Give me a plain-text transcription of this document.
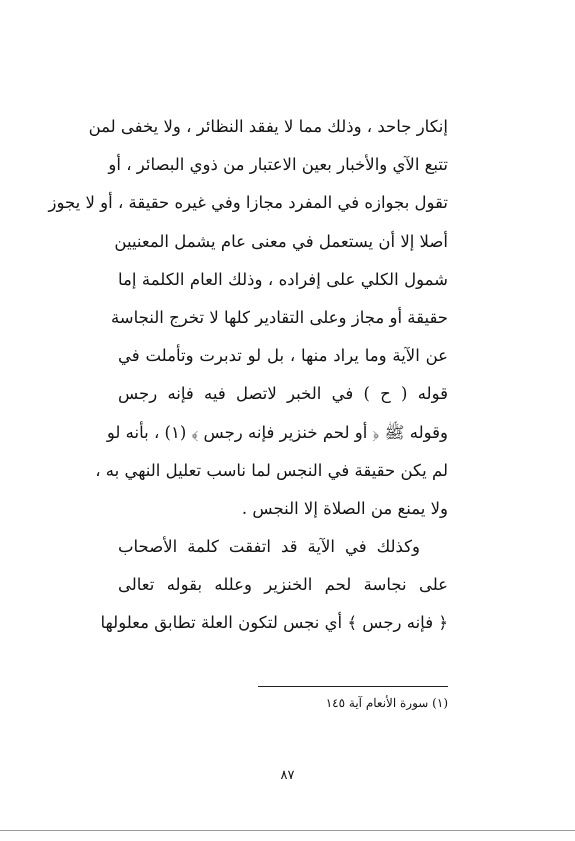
إنكار جاحد ، وذلك مما لا يفقد النظائر ، ولا يخفى لمن
تتبع الآي والأخبار بعين الاعتبار من ذوي البصائر ، أو
تقول بجوازه في المفرد مجازا وفي غيره حقيقة ، أو لا يجوز
أصلا إلا أن يستعمل في معنى عام يشمل المعنيين
شمول الكلي على إفراده ، وذلك العام الكلمة إما
حقيقة أو مجاز وعلى التقادير كلها لا تخرج النجاسة
عن الآية وما يراد منها ، بل لو تدبرت وتأملت في
قوله ( ح ) في الخبر لاتصل فيه فإنه رجس
وقوله ﷺ ﴿ أو لحم خنزير فإنه رجس ﴾ (١) ، بأنه لو
لم يكن حقيقة في النجس لما ناسب تعليل النهي به ،
ولا يمنع من الصلاة إلا النجس .
وكذلك في الآية قد اتفقت كلمة الأصحاب
على نجاسة لحم الخنزير وعلله بقوله تعالى
﴿ فإنه رجس ﴾ أي نجس لتكون العلة تطابق معلولها
(١) سورة الأنعام آية ١٤٥
٨٧
